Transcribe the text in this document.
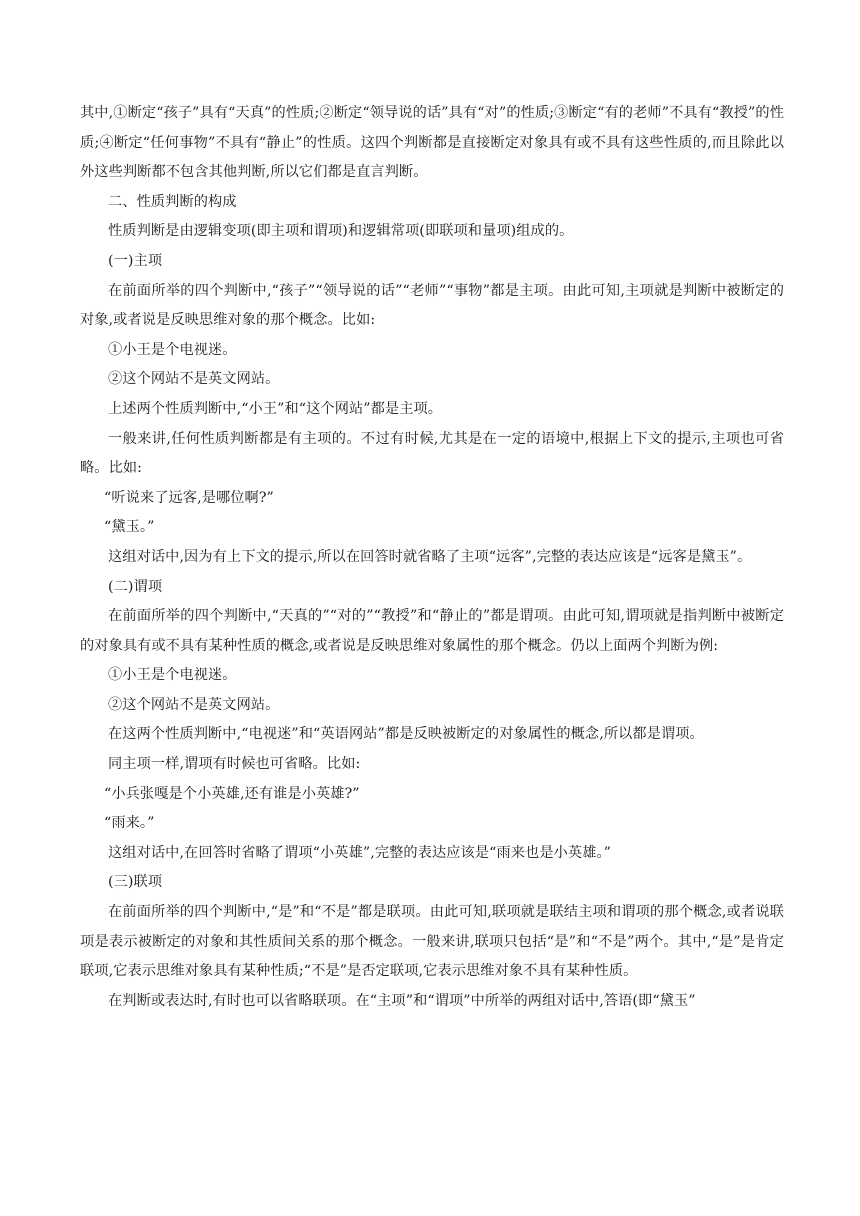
其中,①断定“孩子”具有“天真”的性质;②断定“领导说的话”具有“对”的性质;③断定“有的老师”不具有“教授”的性质;④断定“任何事物”不具有“静止”的性质。这四个判断都是直接断定对象具有或不具有这些性质的,而且除此以外这些判断都不包含其他判断,所以它们都是直言判断。

二、性质判断的构成

性质判断是由逻辑变项(即主项和谓项)和逻辑常项(即联项和量项)组成的。

(一)主项

在前面所举的四个判断中,“孩子”“领导说的话”“老师”“事物”都是主项。由此可知,主项就是判断中被断定的对象,或者说是反映思维对象的那个概念。比如:

①小王是个电视迷。

②这个网站不是英文网站。

上述两个性质判断中,“小王”和“这个网站”都是主项。

一般来讲,任何性质判断都是有主项的。不过有时候,尤其是在一定的语境中,根据上下文的提示,主项也可省略。比如:

“听说来了远客,是哪位啊?”

“黛玉。”

这组对话中,因为有上下文的提示,所以在回答时就省略了主项“远客”,完整的表达应该是“远客是黛玉”。

(二)谓项

在前面所举的四个判断中,“天真的”“对的”“教授”和“静止的”都是谓项。由此可知,谓项就是指判断中被断定的对象具有或不具有某种性质的概念,或者说是反映思维对象属性的那个概念。仍以上面两个判断为例:

①小王是个电视迷。

②这个网站不是英文网站。

在这两个性质判断中,“电视迷”和“英语网站”都是反映被断定的对象属性的概念,所以都是谓项。

同主项一样,谓项有时候也可省略。比如:

“小兵张嘎是个小英雄,还有谁是小英雄?”

“雨来。”

这组对话中,在回答时省略了谓项“小英雄”,完整的表达应该是“雨来也是小英雄。”

(三)联项

在前面所举的四个判断中,“是”和“不是”都是联项。由此可知,联项就是联结主项和谓项的那个概念,或者说联项是表示被断定的对象和其性质间关系的那个概念。一般来讲,联项只包括“是”和“不是”两个。其中,“是”是肯定联项,它表示思维对象具有某种性质;“不是”是否定联项,它表示思维对象不具有某种性质。

在判断或表达时,有时也可以省略联项。在“主项”和“谓项”中所举的两组对话中,答语(即“黛玉”
